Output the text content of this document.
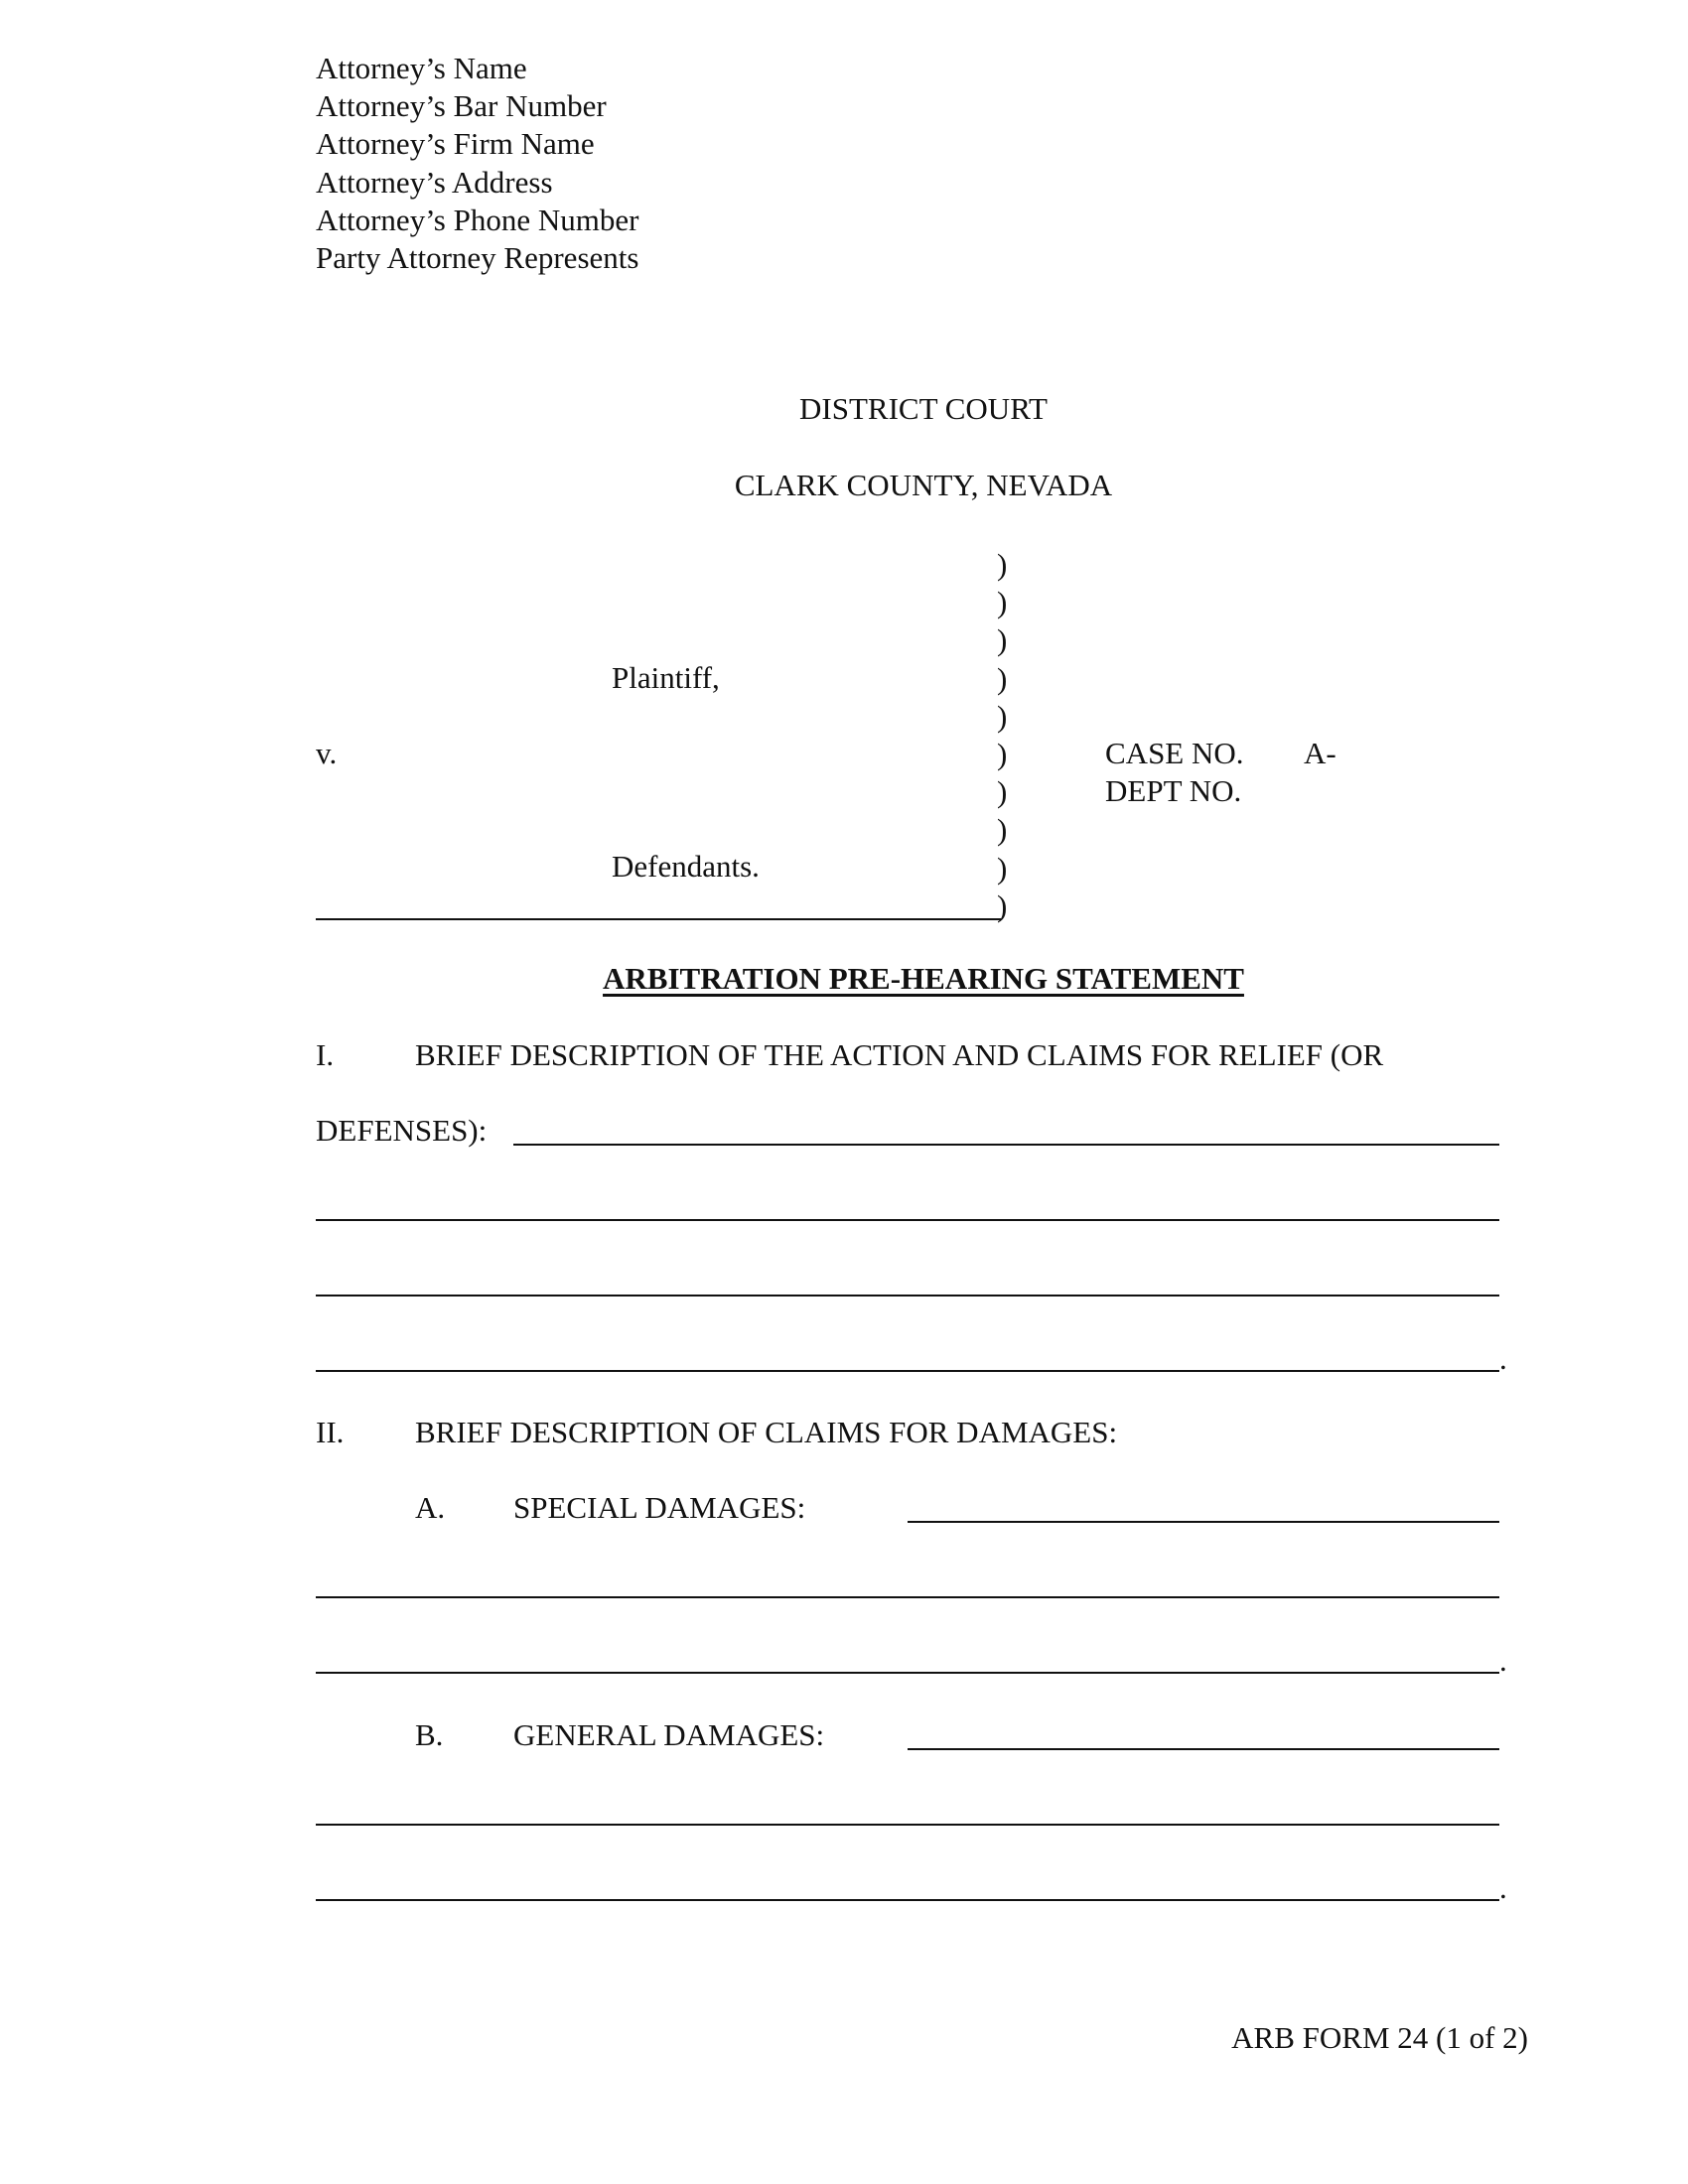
Attorney’s Name
Attorney’s Bar Number
Attorney’s Firm Name
Attorney’s Address
Attorney’s Phone Number
Party Attorney Represents
DISTRICT COURT
CLARK COUNTY, NEVADA
Plaintiff,
v.
Defendants.
)
)
)
)
)
)
)
)
)
)
CASE NO. A-
DEPT NO.
ARBITRATION PRE-HEARING STATEMENT
I.	BRIEF DESCRIPTION OF THE ACTION AND CLAIMS FOR RELIEF (OR
DEFENSES):
.
II. BRIEF DESCRIPTION OF CLAIMS FOR DAMAGES:
A. SPECIAL DAMAGES:
.
B. GENERAL DAMAGES:
.
ARB FORM 24 (1 of 2)
